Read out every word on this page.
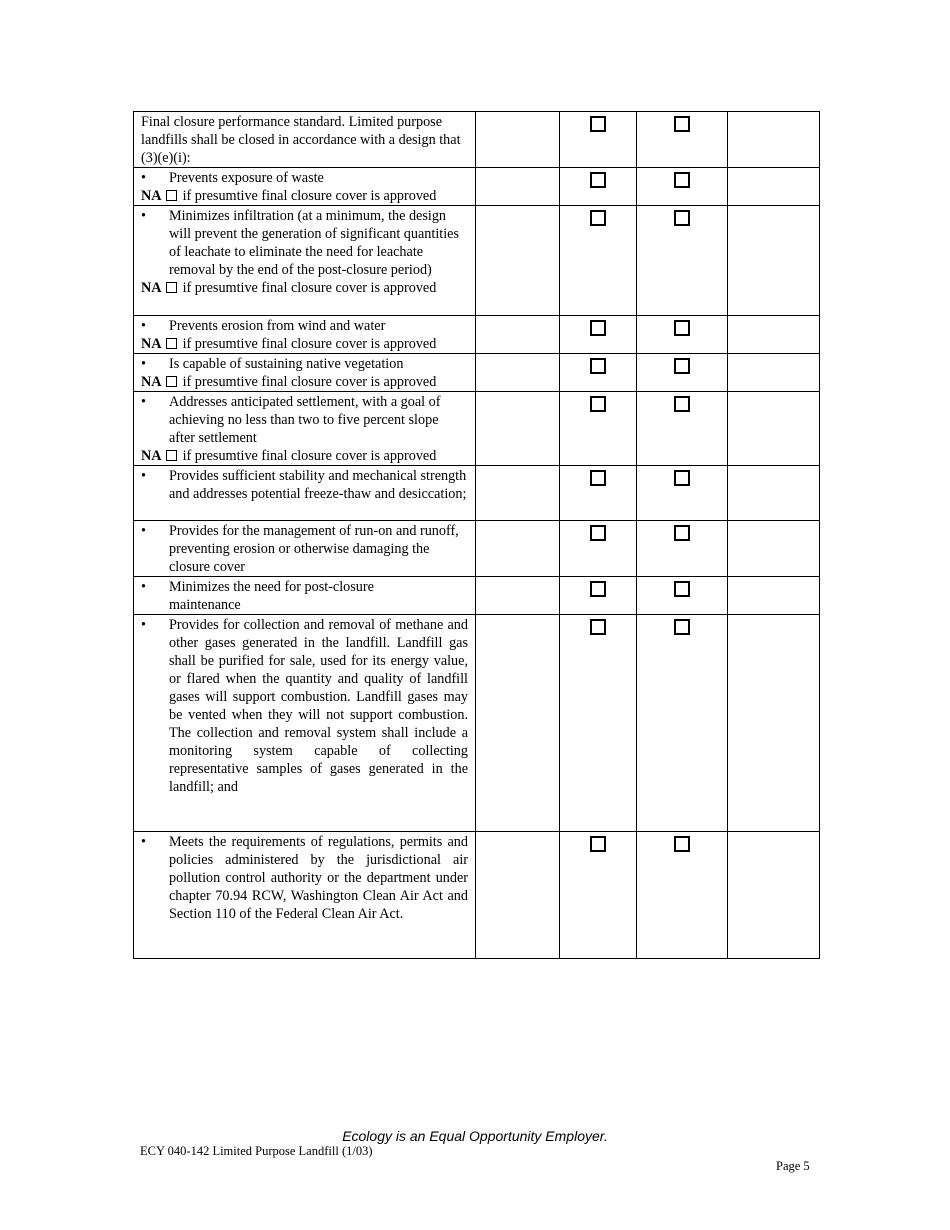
Final closure performance standard. Limited purpose landfills shall be closed in accordance with a design that (3)(e)(i):				

• Prevents exposure of waste
NA if presumtive final closure cover is approved				

• Minimizes infiltration (at a minimum, the design will prevent the generation of significant quantities of leachate to eliminate the need for leachate removal by the end of the post-closure period)
NA if presumtive final closure cover is approved				

• Prevents erosion from wind and water
NA if presumtive final closure cover is approved				

• Is capable of sustaining native vegetation
NA if presumtive final closure cover is approved				

• Addresses anticipated settlement, with a goal of achieving no less than two to five percent slope after settlement
NA if presumtive final closure cover is approved				

• Provides sufficient stability and mechanical strength and addresses potential freeze-thaw and desiccation;				

• Provides for the management of run-on and runoff, preventing erosion or otherwise damaging the closure cover				

• Minimizes the need for post-closure maintenance				

• Provides for collection and removal of methane and other gases generated in the landfill. Landfill gas shall be purified for sale, used for its energy value, or flared when the quantity and quality of landfill gases will support combustion. Landfill gases may be vented when they will not support combustion. The collection and removal system shall include a monitoring system capable of collecting representative samples of gases generated in the landfill; and				

• Meets the requirements of regulations, permits and policies administered by the jurisdictional air pollution control authority or the department under chapter 70.94 RCW, Washington Clean Air Act and Section 110 of the Federal Clean Air Act.				

Ecology is an Equal Opportunity Employer.
ECY 040-142 Limited Purpose Landfill (1/03)
Page 5
